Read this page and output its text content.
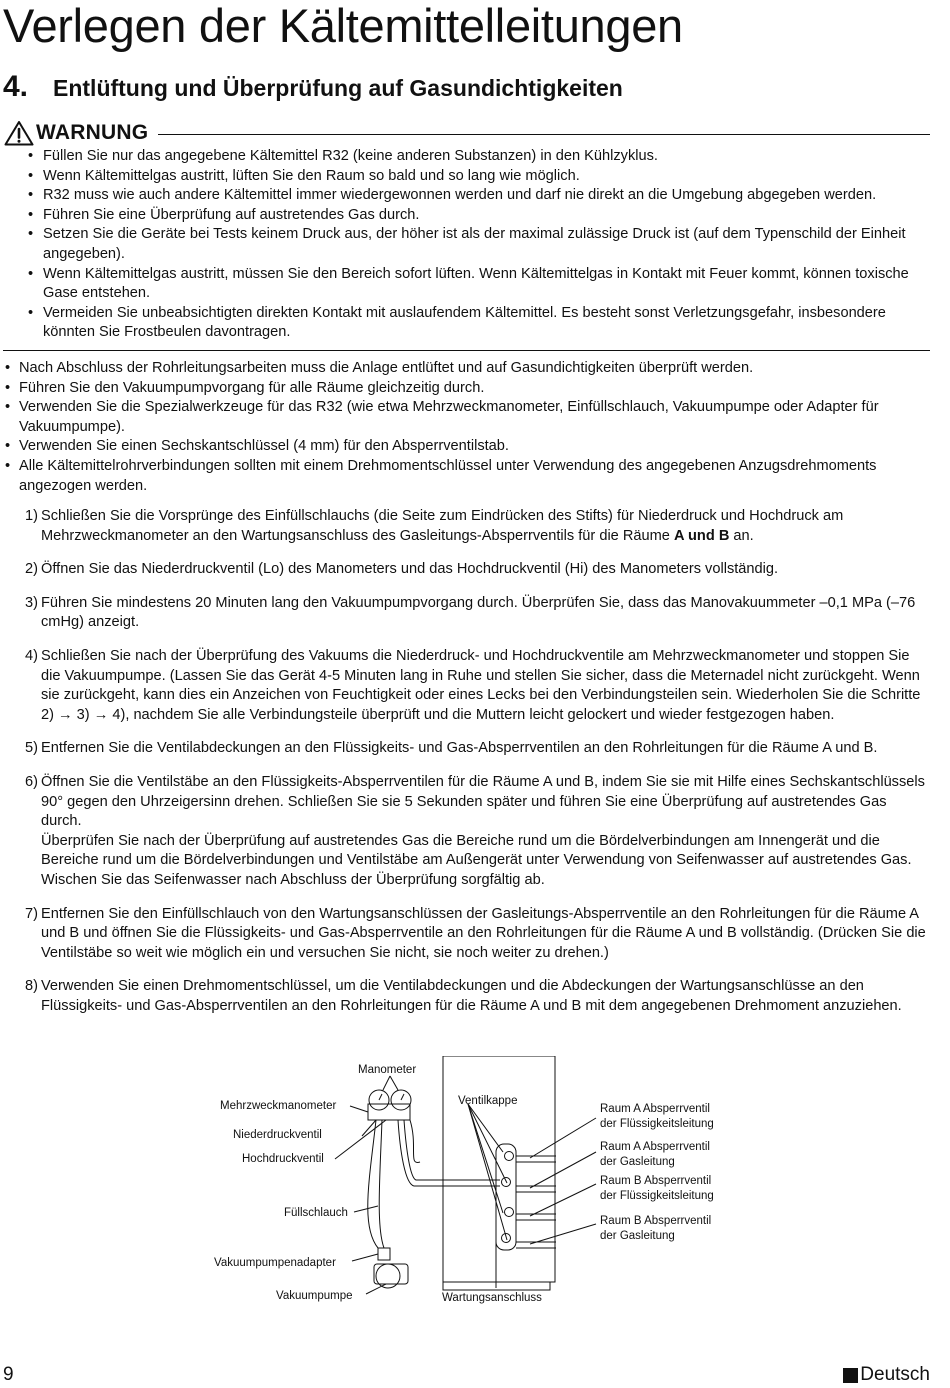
Verlegen der Kältemittelleitungen
4.	Entlüftung und Überprüfung auf Gasundichtigkeiten
WARNUNG
• Füllen Sie nur das angegebene Kältemittel R32 (keine anderen Substanzen) in den Kühlzyklus.
• Wenn Kältemittelgas austritt, lüften Sie den Raum so bald und so lang wie möglich.
• R32 muss wie auch andere Kältemittel immer wiedergewonnen werden und darf nie direkt an die Umgebung abgegeben werden.
• Führen Sie eine Überprüfung auf austretendes Gas durch.
• Setzen Sie die Geräte bei Tests keinem Druck aus, der höher ist als der maximal zulässige Druck ist (auf dem Typenschild der Einheit angegeben).
• Wenn Kältemittelgas austritt, müssen Sie den Bereich sofort lüften. Wenn Kältemittelgas in Kontakt mit Feuer kommt, können toxische Gase entstehen.
• Vermeiden Sie unbeabsichtigten direkten Kontakt mit auslaufendem Kältemittel. Es besteht sonst Verletzungsgefahr, insbesondere könnten Sie Frostbeulen davontragen.
• Nach Abschluss der Rohrleitungsarbeiten muss die Anlage entlüftet und auf Gasundichtigkeiten überprüft werden.
• Führen Sie den Vakuumpumpvorgang für alle Räume gleichzeitig durch.
• Verwenden Sie die Spezialwerkzeuge für das R32 (wie etwa Mehrzweckmanometer, Einfüllschlauch, Vakuumpumpe oder Adapter für Vakuumpumpe).
• Verwenden Sie einen Sechskantschlüssel (4 mm) für den Absperrventilstab.
• Alle Kältemittelrohrverbindungen sollten mit einem Drehmomentschlüssel unter Verwendung des angegebenen Anzugsdrehmoments angezogen werden.
1) Schließen Sie die Vorsprünge des Einfüllschlauchs (die Seite zum Eindrücken des Stifts) für Niederdruck und Hochdruck am Mehrzweckmanometer an den Wartungsanschluss des Gasleitungs-Absperrventils für die Räume A und B an.
2) Öffnen Sie das Niederdruckventil (Lo) des Manometers und das Hochdruckventil (Hi) des Manometers vollständig.
3) Führen Sie mindestens 20 Minuten lang den Vakuumpumpvorgang durch. Überprüfen Sie, dass das Manovakuummeter –0,1 MPa (–76 cmHg) anzeigt.
4) Schließen Sie nach der Überprüfung des Vakuums die Niederdruck- und Hochdruckventile am Mehrzweckmanometer und stoppen Sie die Vakuumpumpe. (Lassen Sie das Gerät 4-5 Minuten lang in Ruhe und stellen Sie sicher, dass die Meternadel nicht zurückgeht. Wenn sie zurückgeht, kann dies ein Anzeichen von Feuchtigkeit oder eines Lecks bei den Verbindungsteilen sein. Wiederholen Sie die Schritte 2) → 3) → 4), nachdem Sie alle Verbindungsteile überprüft und die Muttern leicht gelockert und wieder festgezogen haben.
5) Entfernen Sie die Ventilabdeckungen an den Flüssigkeits- und Gas-Absperrventilen an den Rohrleitungen für die Räume A und B.
6) Öffnen Sie die Ventilstäbe an den Flüssigkeits-Absperrventilen für die Räume A und B, indem Sie sie mit Hilfe eines Sechskantschlüssels 90° gegen den Uhrzeigersinn drehen. Schließen Sie sie 5 Sekunden später und führen Sie eine Überprüfung auf austretendes Gas durch.

Überprüfen Sie nach der Überprüfung auf austretendes Gas die Bereiche rund um die Bördelverbindungen am Innengerät und die Bereiche rund um die Bördelverbindungen und Ventilstäbe am Außengerät unter Verwendung von Seifenwasser auf austretendes Gas.

Wischen Sie das Seifenwasser nach Abschluss der Überprüfung sorgfältig ab.

7) Entfernen Sie den Einfüllschlauch von den Wartungsanschlüssen der Gasleitungs-Absperrventile an den Rohrleitungen für die Räume A und B und öffnen Sie die Flüssigkeits- und Gas-Absperrventile an den Rohrleitungen für die Räume A und B vollständig. (Drücken Sie die Ventilstäbe so weit wie möglich ein und versuchen Sie nicht, sie noch weiter zu drehen.)
8) Verwenden Sie einen Drehmomentschlüssel, um die Ventilabdeckungen und die Abdeckungen der Wartungsanschlüsse an den Flüssigkeits- und Gas-Absperrventilen an den Rohrleitungen für die Räume A und B mit dem angegebenen Drehmoment anzuziehen.
Manometer
Mehrzweckmanometer
Niederdruckventil
Hochdruckventil
Füllschlauch
Vakuumpumpenadapter
Vakuumpumpe
Ventilkappe
Wartungsanschluss
Raum A Absperrventil
der Flüssigkeitsleitung
Raum A Absperrventil
der Gasleitung
Raum B Absperrventil
der Flüssigkeitsleitung
Raum B Absperrventil
der Gasleitung
9	Deutsch
